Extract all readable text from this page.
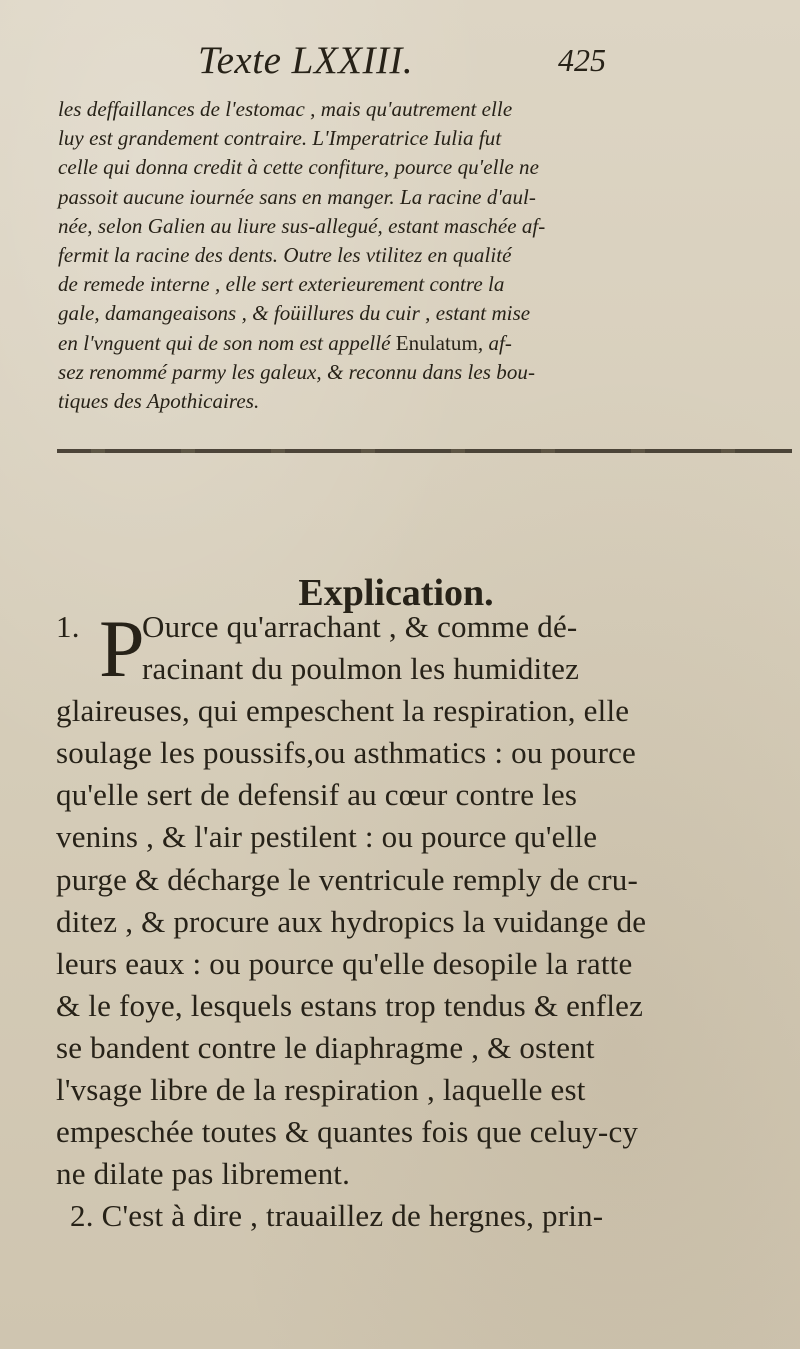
Texte LXXIII.	425
les deffaillances de l'estomac , mais qu'autrement elle
luy est grandement contraire. L'Imperatrice Iulia fut
celle qui donna credit à cette confiture, pource qu'elle ne
passoit aucune iournée sans en manger. La racine d'aul-
née, selon Galien au liure sus-allegué, estant maschée af-
fermit la racine des dents. Outre les vtilitez en qualité
de remede interne , elle sert exterieurement contre la
gale, damangeaisons , & foüillures du cuir , estant mise
en l'vnguent qui de son nom est appellé Enulatum, af-
sez renommé parmy les galeux, & reconnu dans les bou-
tiques des Apothicaires.
Explication.
1. P
Ource qu'arrachant , & comme dé-
racinant du poulmon les humiditez
glaireuses, qui empeschent la respiration, elle
soulage les poussifs,ou asthmatics : ou pource
qu'elle sert de defensif au cœur contre les
venins , & l'air pestilent : ou pource qu'elle
purge & décharge le ventricule remply de cru-
ditez , & procure aux hydropics la vuidange de
leurs eaux : ou pource qu'elle desopile la ratte
& le foye, lesquels estans trop tendus & enflez
se bandent contre le diaphragme , & ostent
l'vsage libre de la respiration , laquelle est
empeschée toutes & quantes fois que celuy-cy
ne dilate pas librement.
2. C'est à dire , trauaillez de hergnes, prin-
